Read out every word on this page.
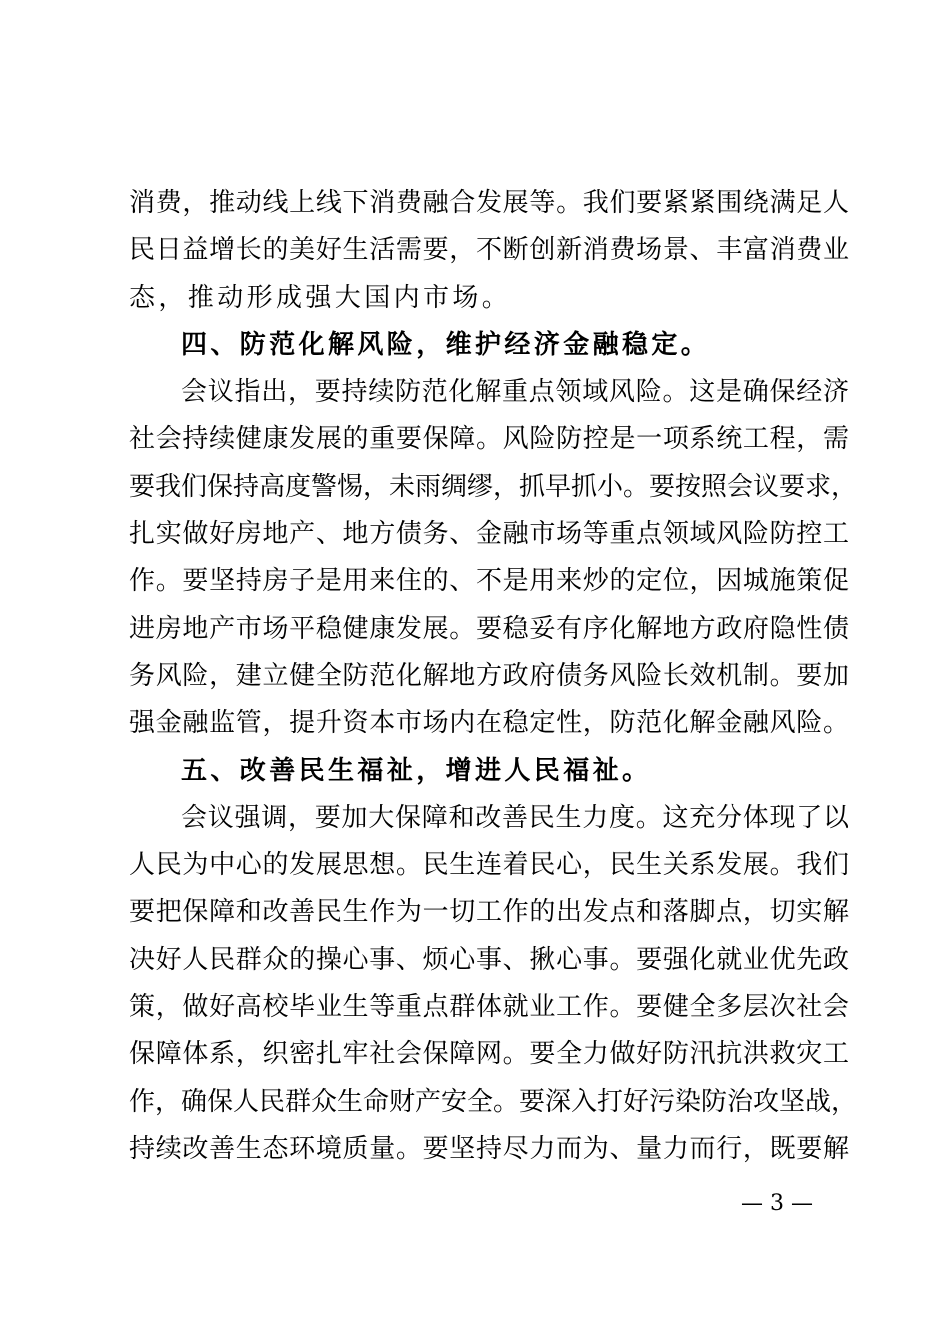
消费，推动线上线下消费融合发展等。我们要紧紧围绕满足人
民日益增长的美好生活需要，不断创新消费场景、丰富消费业
态，推动形成强大国内市场。
四、防范化解风险，维护经济金融稳定。
会议指出，要持续防范化解重点领域风险。这是确保经济
社会持续健康发展的重要保障。风险防控是一项系统工程，需
要我们保持高度警惕，未雨绸缪，抓早抓小。要按照会议要求，
扎实做好房地产、地方债务、金融市场等重点领域风险防控工
作。要坚持房子是用来住的、不是用来炒的定位，因城施策促
进房地产市场平稳健康发展。要稳妥有序化解地方政府隐性债
务风险，建立健全防范化解地方政府债务风险长效机制。要加
强金融监管，提升资本市场内在稳定性，防范化解金融风险。
五、改善民生福祉，增进人民福祉。
会议强调，要加大保障和改善民生力度。这充分体现了以
人民为中心的发展思想。民生连着民心，民生关系发展。我们
要把保障和改善民生作为一切工作的出发点和落脚点，切实解
决好人民群众的操心事、烦心事、揪心事。要强化就业优先政
策，做好高校毕业生等重点群体就业工作。要健全多层次社会
保障体系，织密扎牢社会保障网。要全力做好防汛抗洪救灾工
作，确保人民群众生命财产安全。要深入打好污染防治攻坚战，
持续改善生态环境质量。要坚持尽力而为、量力而行，既要解
— 3 —
